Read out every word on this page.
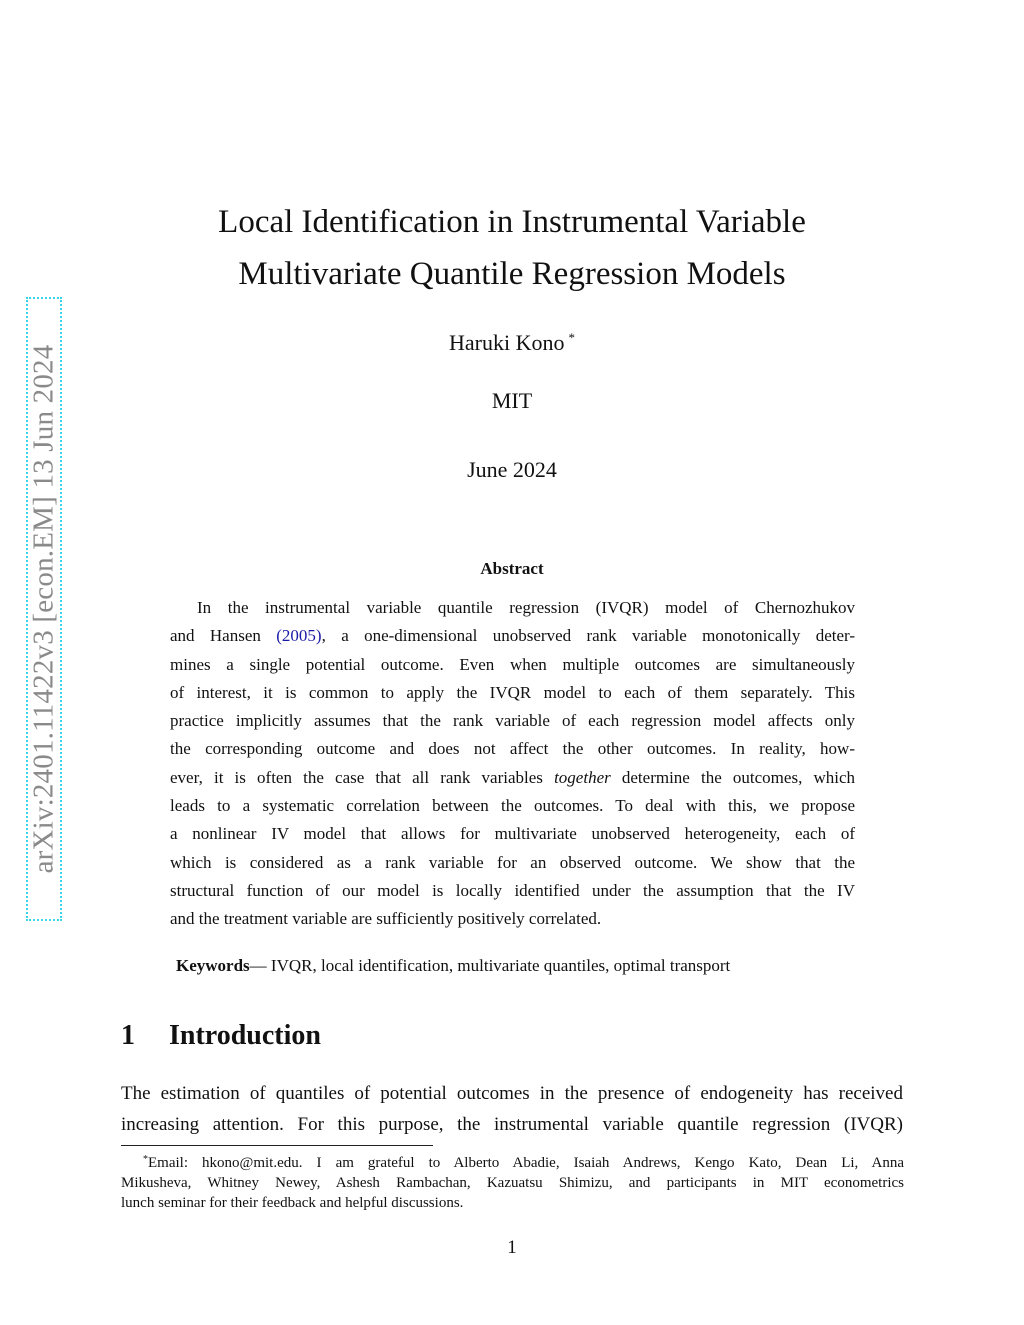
arXiv:2401.11422v3 [econ.EM] 13 Jun 2024
Local Identification in Instrumental Variable
Multivariate Quantile Regression Models
Haruki Kono *
MIT
June 2024
Abstract
In the instrumental variable quantile regression (IVQR) model of Chernozhukov
and Hansen (2005), a one-dimensional unobserved rank variable monotonically deter-
mines a single potential outcome. Even when multiple outcomes are simultaneously
of interest, it is common to apply the IVQR model to each of them separately. This
practice implicitly assumes that the rank variable of each regression model affects only
the corresponding outcome and does not affect the other outcomes. In reality, how-
ever, it is often the case that all rank variables together determine the outcomes, which
leads to a systematic correlation between the outcomes. To deal with this, we propose
a nonlinear IV model that allows for multivariate unobserved heterogeneity, each of
which is considered as a rank variable for an observed outcome. We show that the
structural function of our model is locally identified under the assumption that the IV
and the treatment variable are sufficiently positively correlated.
Keywords— IVQR, local identification, multivariate quantiles, optimal transport
1 Introduction
The estimation of quantiles of potential outcomes in the presence of endogeneity has received
increasing attention. For this purpose, the instrumental variable quantile regression (IVQR)
*Email: hkono@mit.edu. I am grateful to Alberto Abadie, Isaiah Andrews, Kengo Kato, Dean Li, Anna
Mikusheva, Whitney Newey, Ashesh Rambachan, Kazuatsu Shimizu, and participants in MIT econometrics
lunch seminar for their feedback and helpful discussions.
1
